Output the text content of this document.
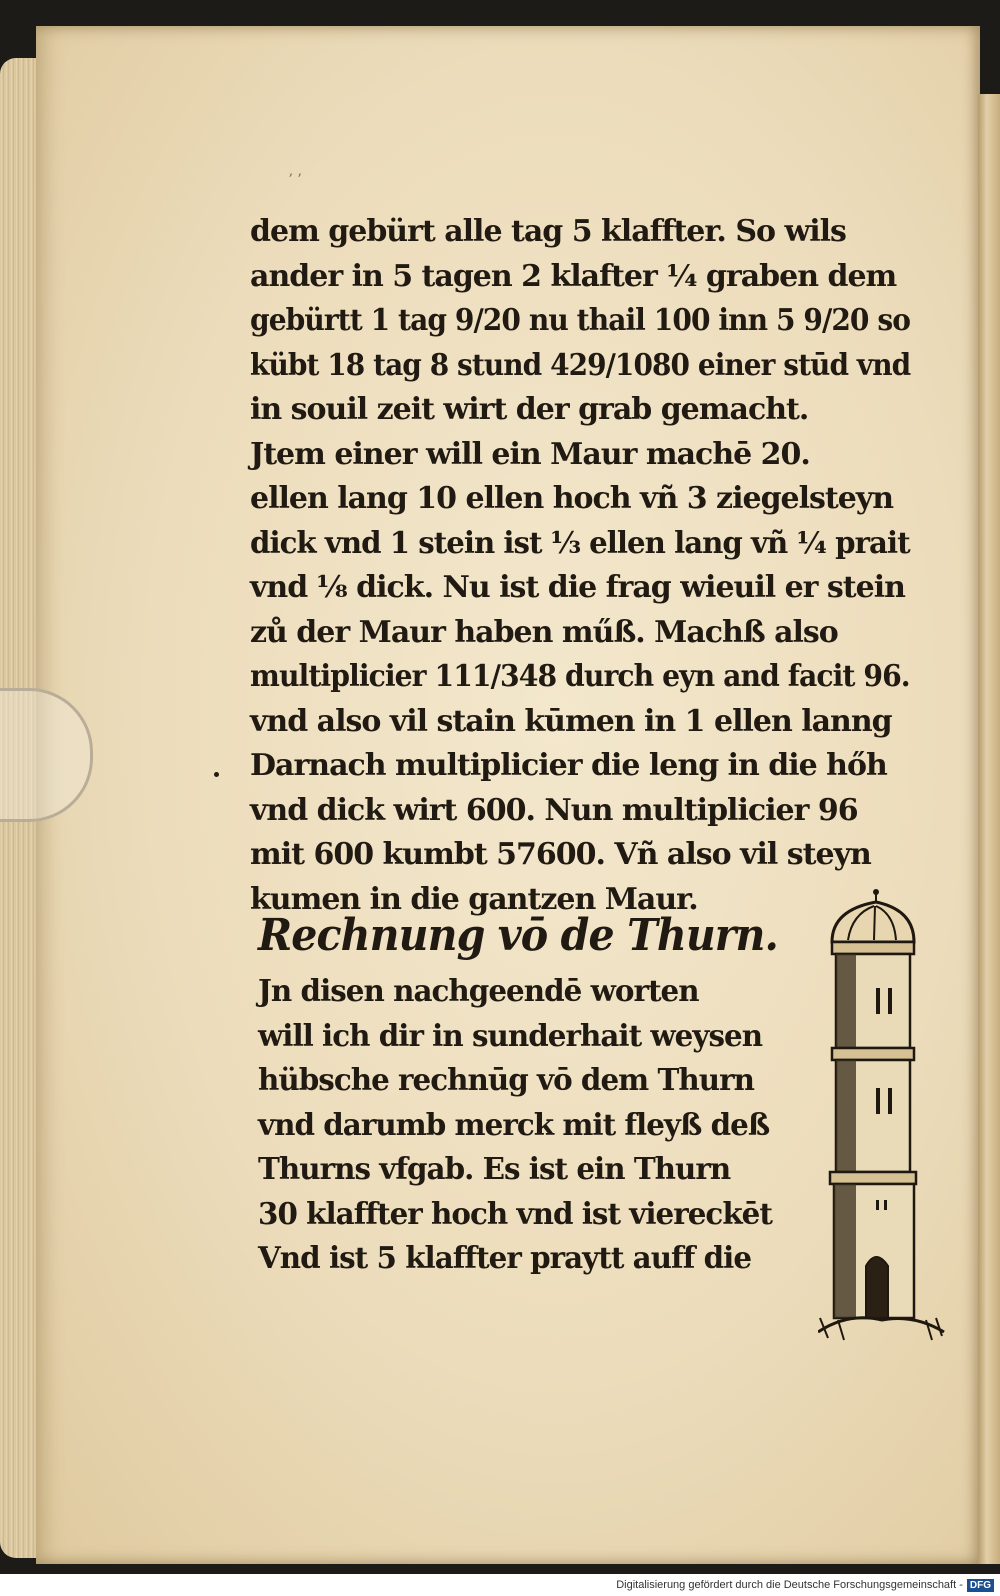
ʼ ʼ
dem gebürt alle tag 5 klaffter. So wils
ander in 5 tagen 2 klafter ¼ graben dem
gebürtt 1 tag 9/20 nu thail 100 inn 5 9/20 so
kübt 18 tag 8 stund 429/1080 einer stūd vnd
in souil zeit wirt der grab gemacht.
Jtem einer will ein Maur machē 20.
ellen lang 10 ellen hoch vñ 3 ziegelsteyn
dick vnd 1 stein ist ⅓ ellen lang vñ ¼ prait
vnd ⅛ dick. Nu ist die frag wieuil er stein
zů der Maur haben műß. Machß also
multiplicier 111/348 durch eyn and facit 96.
vnd also vil stain kūmen in 1 ellen lanng
Darnach multiplicier die leng in die hőh
vnd dick wirt 600. Nun multiplicier 96
mit 600 kumbt 57600. Vñ also vil steyn
kumen in die gantzen Maur.
Rechnung vō de Thurn.
Jn disen nachgeendē worten
will ich dir in sunderhait weysen
hübsche rechnūg vō dem Thurn
vnd darumb merck mit fleyß deß
Thurns vfgab. Es ist ein Thurn
30 klaffter hoch vnd ist viereckēt
Vnd ist 5 klaffter praytt auff die
Digitalisierung gefördert durch die Deutsche Forschungsgemeinschaft - DFG
